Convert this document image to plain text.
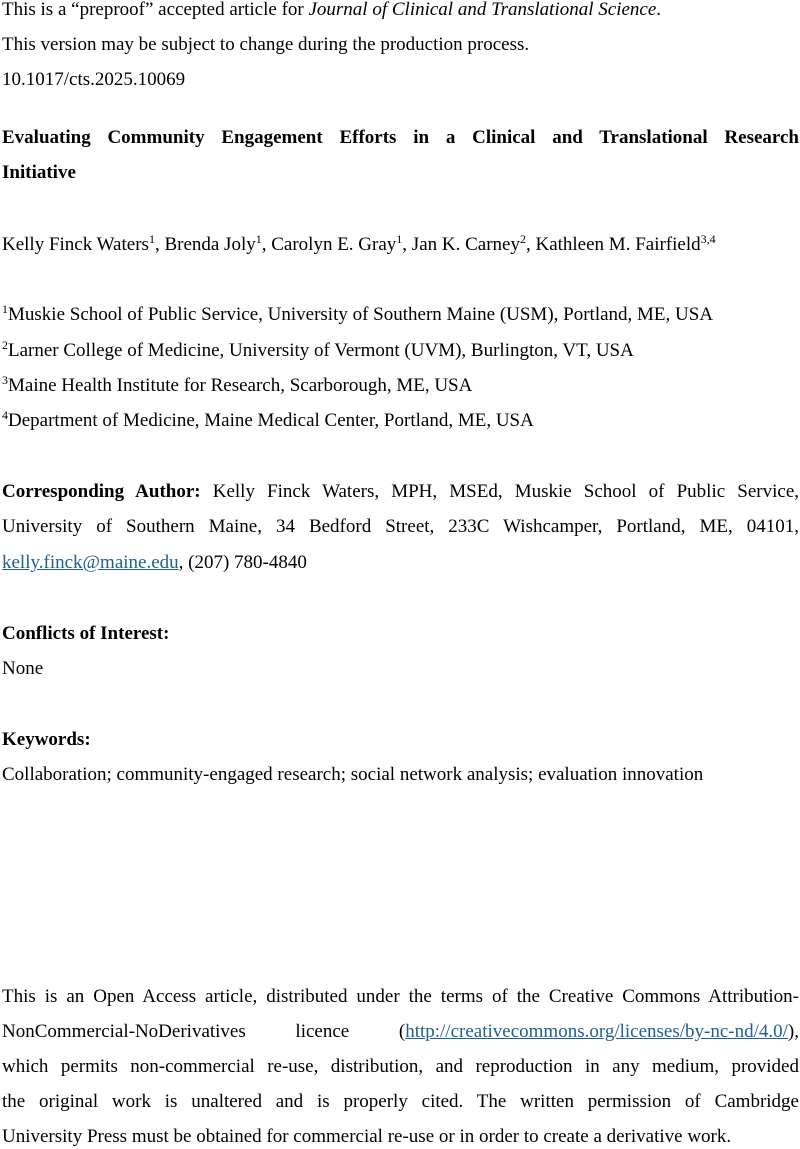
This is a “preproof” accepted article for Journal of Clinical and Translational Science.
This version may be subject to change during the production process.
10.1017/cts.2025.10069
Evaluating Community Engagement Efforts in a Clinical and Translational Research
Initiative
Kelly Finck Waters$^1$, Brenda Joly$^1$, Carolyn E. Gray$^1$, Jan K. Carney$^2$, Kathleen M. Fairfield$^{3,4}$
$^1$Muskie School of Public Service, University of Southern Maine (USM), Portland, ME, USA
$^2$Larner College of Medicine, University of Vermont (UVM), Burlington, VT, USA
$^3$Maine Health Institute for Research, Scarborough, ME, USA
$^4$Department of Medicine, Maine Medical Center, Portland, ME, USA
Corresponding Author: Kelly Finck Waters, MPH, MSEd, Muskie School of Public Service,
University of Southern Maine, 34 Bedford Street, 233C Wishcamper, Portland, ME, 04101,
kelly.finck@maine.edu, (207) 780-4840
Conflicts of Interest:
None
Keywords:
Collaboration; community-engaged research; social network analysis; evaluation innovation
This is an Open Access article, distributed under the terms of the Creative Commons Attribution-
NonCommercial-NoDerivatives licence (http://creativecommons.org/licenses/by-nc-nd/4.0/),
which permits non-commercial re-use, distribution, and reproduction in any medium, provided
the original work is unaltered and is properly cited. The written permission of Cambridge
University Press must be obtained for commercial re-use or in order to create a derivative work.
